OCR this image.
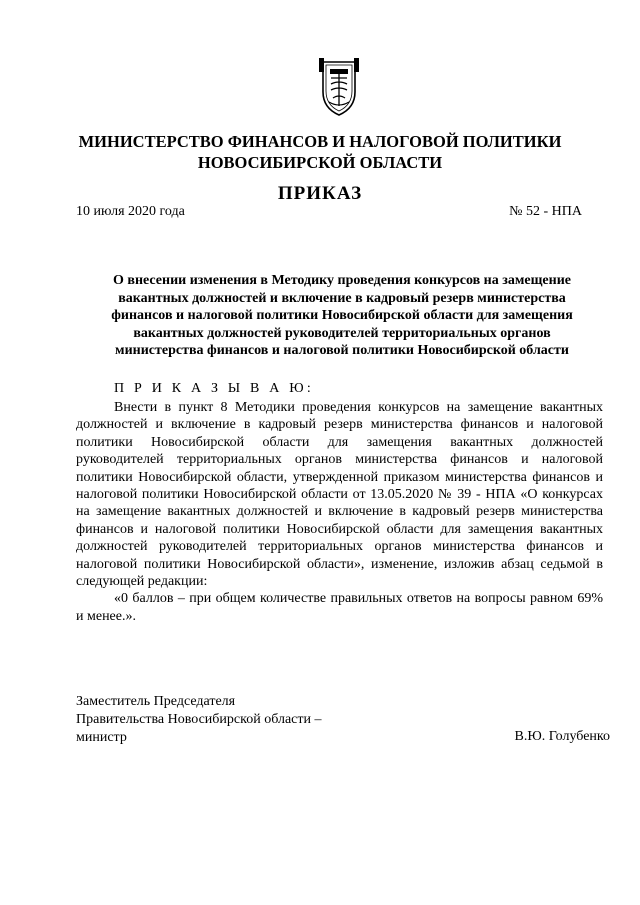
МИНИСТЕРСТВО ФИНАНСОВ И НАЛОГОВОЙ ПОЛИТИКИ
НОВОСИБИРСКОЙ ОБЛАСТИ
ПРИКАЗ
10 июля 2020 года	№ 52 - НПА
О внесении изменения в Методику проведения конкурсов на замещение
вакантных должностей и включение в кадровый резерв министерства
финансов и налоговой политики Новосибирской области для замещения
вакантных должностей руководителей территориальных органов
министерства финансов и налоговой политики Новосибирской области
П Р И К А З Ы В А Ю:

Внести в пункт 8 Методики проведения конкурсов на замещение вакантных должностей и включение в кадровый резерв министерства финансов и налоговой политики Новосибирской области для замещения вакантных должностей руководителей территориальных органов министерства финансов и налоговой политики Новосибирской области, утвержденной приказом министерства финансов и налоговой политики Новосибирской области от 13.05.2020 № 39 - НПА «О конкурсах на замещение вакантных должностей и включение в кадровый резерв министерства финансов и налоговой политики Новосибирской области для замещения вакантных должностей руководителей территориальных органов министерства финансов и налоговой политики Новосибирской области», изменение, изложив абзац седьмой в следующей редакции:

«0 баллов – при общем количестве правильных ответов на вопросы равном 69% и менее.».

Заместитель Председателя
Правительства Новосибирской области –
министр	В.Ю. Голубенко
